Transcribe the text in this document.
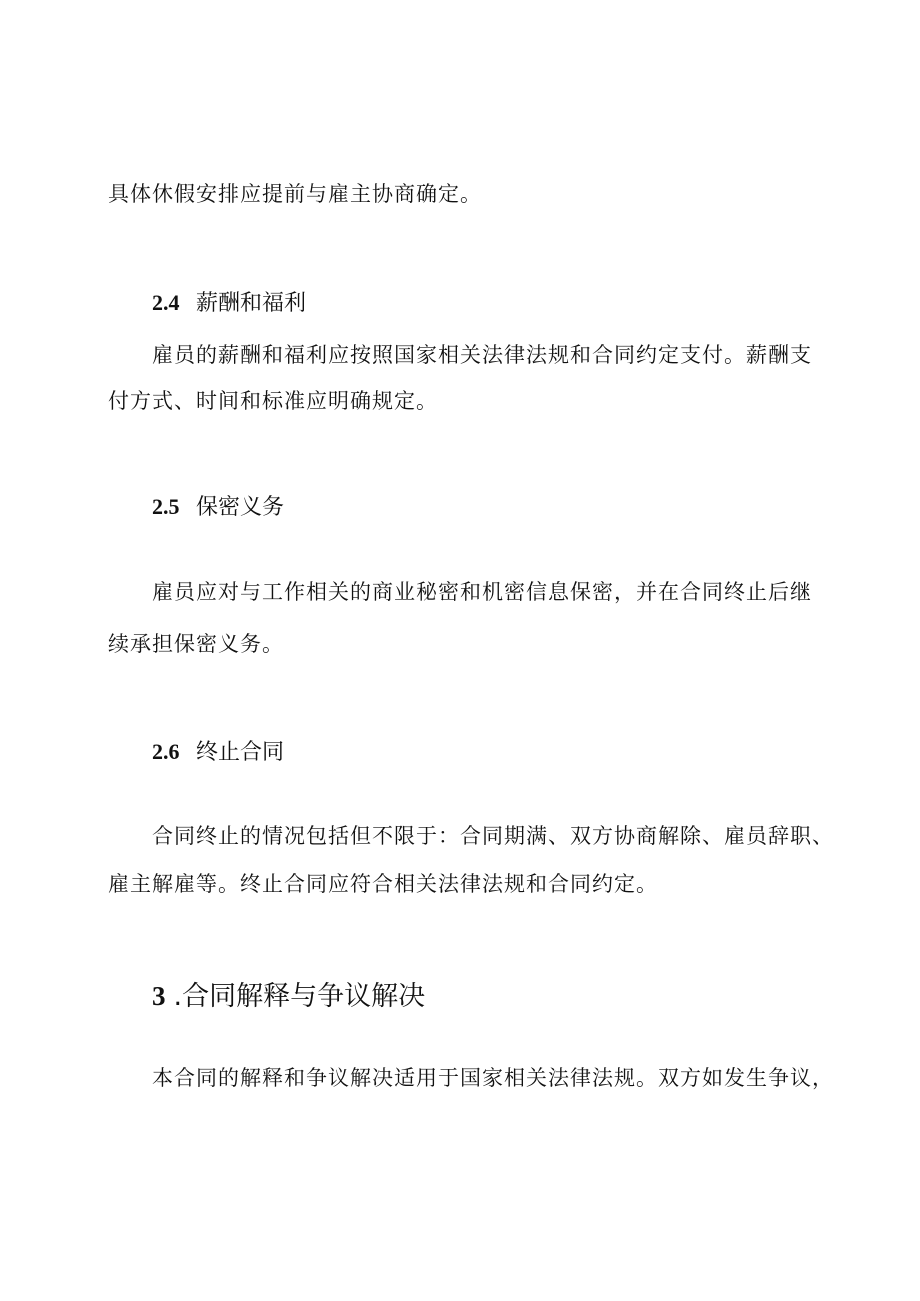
具体休假安排应提前与雇主协商确定。
2.4 薪酬和福利
雇员的薪酬和福利应按照国家相关法律法规和合同约定支付。薪酬支
付方式、时间和标准应明确规定。
2.5 保密义务
雇员应对与工作相关的商业秘密和机密信息保密，并在合同终止后继
续承担保密义务。
2.6 终止合同
合同终止的情况包括但不限于：合同期满、双方协商解除、雇员辞职、
雇主解雇等。终止合同应符合相关法律法规和合同约定。
3 .合同解释与争议解决
本合同的解释和争议解决适用于国家相关法律法规。双方如发生争议，
